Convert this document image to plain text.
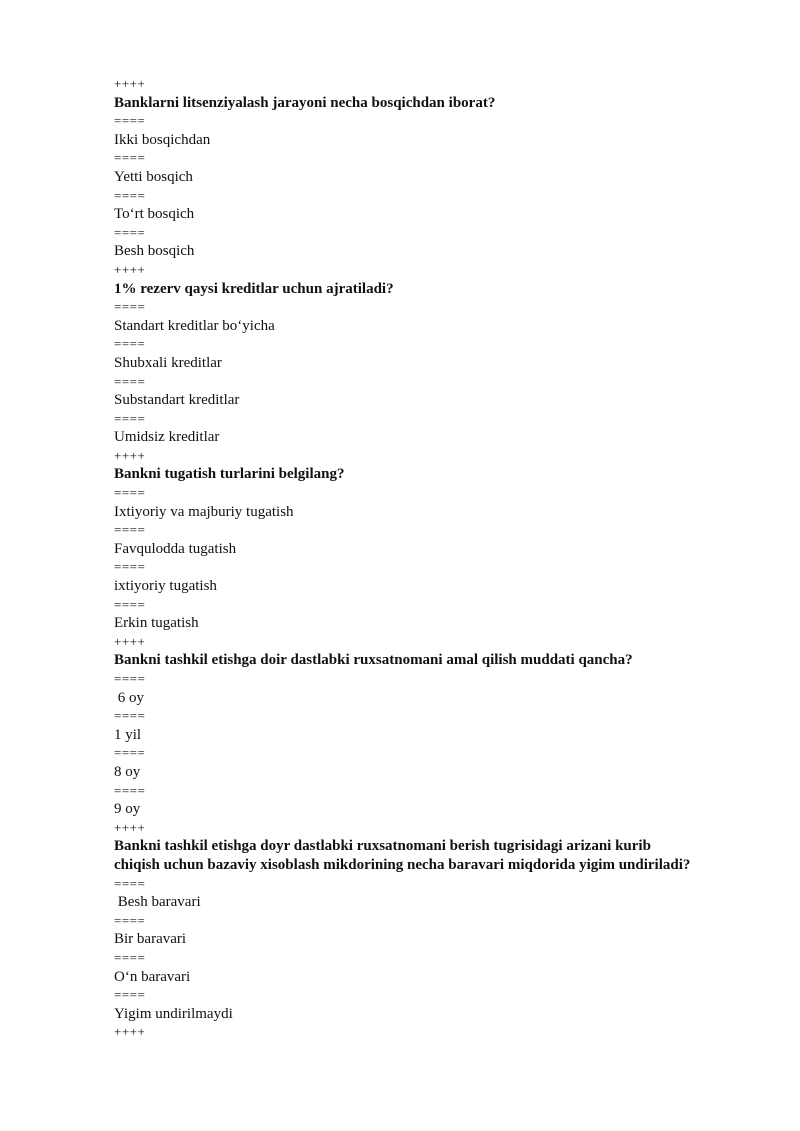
++++
Banklarni litsenziyalash jarayoni necha bosqichdan iborat?
====
Ikki bosqichdan
====
Yetti bosqich
====
To‘rt bosqich
====
Besh bosqich
++++
1% rezerv qaysi kreditlar uchun ajratiladi?
====
Standart kreditlar bo‘yicha
====
Shubxali kreditlar
====
Substandart kreditlar
====
Umidsiz kreditlar
++++
Bankni tugatish turlarini belgilang?
====
Ixtiyoriy va majburiy tugatish
====
Favqulodda tugatish
====
ixtiyoriy tugatish
====
Erkin tugatish
++++
Bankni tashkil etishga doir dastlabki ruxsatnomani amal qilish muddati qancha?
====
6 oy
====
1 yil
====
8 oy
====
9 oy
++++
Bankni tashkil etishga doyr dastlabki ruxsatnomani berish tugrisidagi arizani kurib
chiqish uchun bazaviy xisoblash mikdorining necha baravari miqdorida yigim undiriladi?
====
Besh baravari
====
Bir baravari
====
O‘n baravari
====
Yigim undirilmaydi
++++
